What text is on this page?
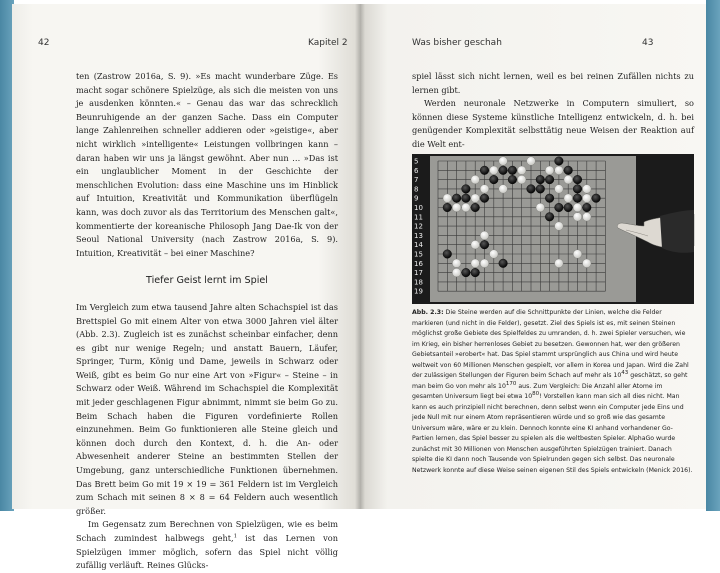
42	Kapitel 2

ten (Zastrow 2016a, S. 9). »Es macht wunderbare Züge. Es macht sogar schönere Spielzüge, als sich die meisten von uns je ausdenken könnten.« – Genau das war das schrecklich Beunruhigende an der ganzen Sache. Dass ein Computer lange Zahlenreihen schneller addieren oder »geistige«, aber nicht wirklich »intelligente« Leistungen vollbringen kann – daran haben wir uns ja längst gewöhnt. Aber nun … »Das ist ein unglaublicher Moment in der Geschichte der menschlichen Evolution: dass eine Maschine uns im Hinblick auf Intuition, Kreativität und Kommunikation überflügeln kann, was doch zuvor als das Territorium des Menschen galt«, kommentierte der koreanische Philosoph Jang Dae-Ik von der Seoul National University (nach Zastrow 2016a, S. 9). Intuition, Kreativität – bei einer Maschine?

Tiefer Geist lernt im Spiel

Im Vergleich zum etwa tausend Jahre alten Schachspiel ist das Brettspiel Go mit einem Alter von etwa 3000 Jahren viel älter (Abb. 2.3). Zugleich ist es zunächst scheinbar einfacher, denn es gibt nur wenige Regeln; und anstatt Bauern, Läufer, Springer, Turm, König und Dame, jeweils in Schwarz oder Weiß, gibt es beim Go nur eine Art von »Figur« – Steine – in Schwarz oder Weiß. Während im Schachspiel die Komplexität mit jeder geschlagenen Figur abnimmt, nimmt sie beim Go zu. Beim Schach haben die Figuren vordefinierte Rollen einzunehmen. Beim Go funktionieren alle Steine gleich und können doch durch den Kontext, d. h. die An- oder Abwesenheit anderer Steine an bestimmten Stellen der Umgebung, ganz unterschiedliche Funktionen übernehmen. Das Brett beim Go mit 19 × 19 = 361 Feldern ist im Vergleich zum Schach mit seinen 8 × 8 = 64 Feldern auch wesentlich größer.

Im Gegensatz zum Berechnen von Spielzügen, wie es beim Schach zumindest halbwegs geht,$^1$ ist das Lernen von Spielzügen immer möglich, sofern das Spiel nicht völlig zufällig verläuft. Reines Glücks-

Was bisher geschah	43

spiel lässt sich nicht lernen, weil es bei reinen Zufällen nichts zu lernen gibt.

Werden neuronale Netzwerke in Computern simuliert, so können diese Systeme künstliche Intelligenz entwickeln, d. h. bei genügender Komplexität selbsttätig neue Weisen der Reaktion auf die Welt ent-

5
6
7
8
9
10
11
12
13
14
15
16
17
18
19
Abb. 2.3: Die Steine werden auf die Schnittpunkte der Linien, welche die Felder markieren (und nicht in die Felder), gesetzt. Ziel des Spiels ist es, mit seinen Steinen möglichst große Gebiete des Spielfeldes zu umranden, d. h. zwei Spieler versuchen, wie im Krieg, ein bisher herrenloses Gebiet zu besetzen. Gewonnen hat, wer den größeren Gebietsanteil »erobert« hat. Das Spiel stammt ursprünglich aus China und wird heute weltweit von 60 Millionen Menschen gespielt, vor allem in Korea und Japan. Wird die Zahl der zulässigen Stellungen der Figuren beim Schach auf mehr als $10^{43}$ geschätzt, so geht man beim Go von mehr als $10^{170}$ aus. Zum Vergleich: Die Anzahl aller Atome im gesamten Universum liegt bei etwa $10^{80}$! Vorstellen kann man sich all dies nicht. Man kann es auch prinzipiell nicht berechnen, denn selbst wenn ein Computer jede Eins und jede Null mit nur einem Atom repräsentieren würde und so groß wie das gesamte Universum wäre, wäre er zu klein. Dennoch konnte eine KI anhand vorhandener Go-Partien lernen, das Spiel besser zu spielen als die weltbesten Spieler. AlphaGo wurde zunächst mit 30 Millionen von Menschen ausgeführten Spielzügen trainiert. Danach spielte die KI dann noch Tausende von Spielrunden gegen sich selbst. Das neuronale Netzwerk konnte auf diese Weise seinen eigenen Stil des Spiels entwickeln (Menick 2016).
